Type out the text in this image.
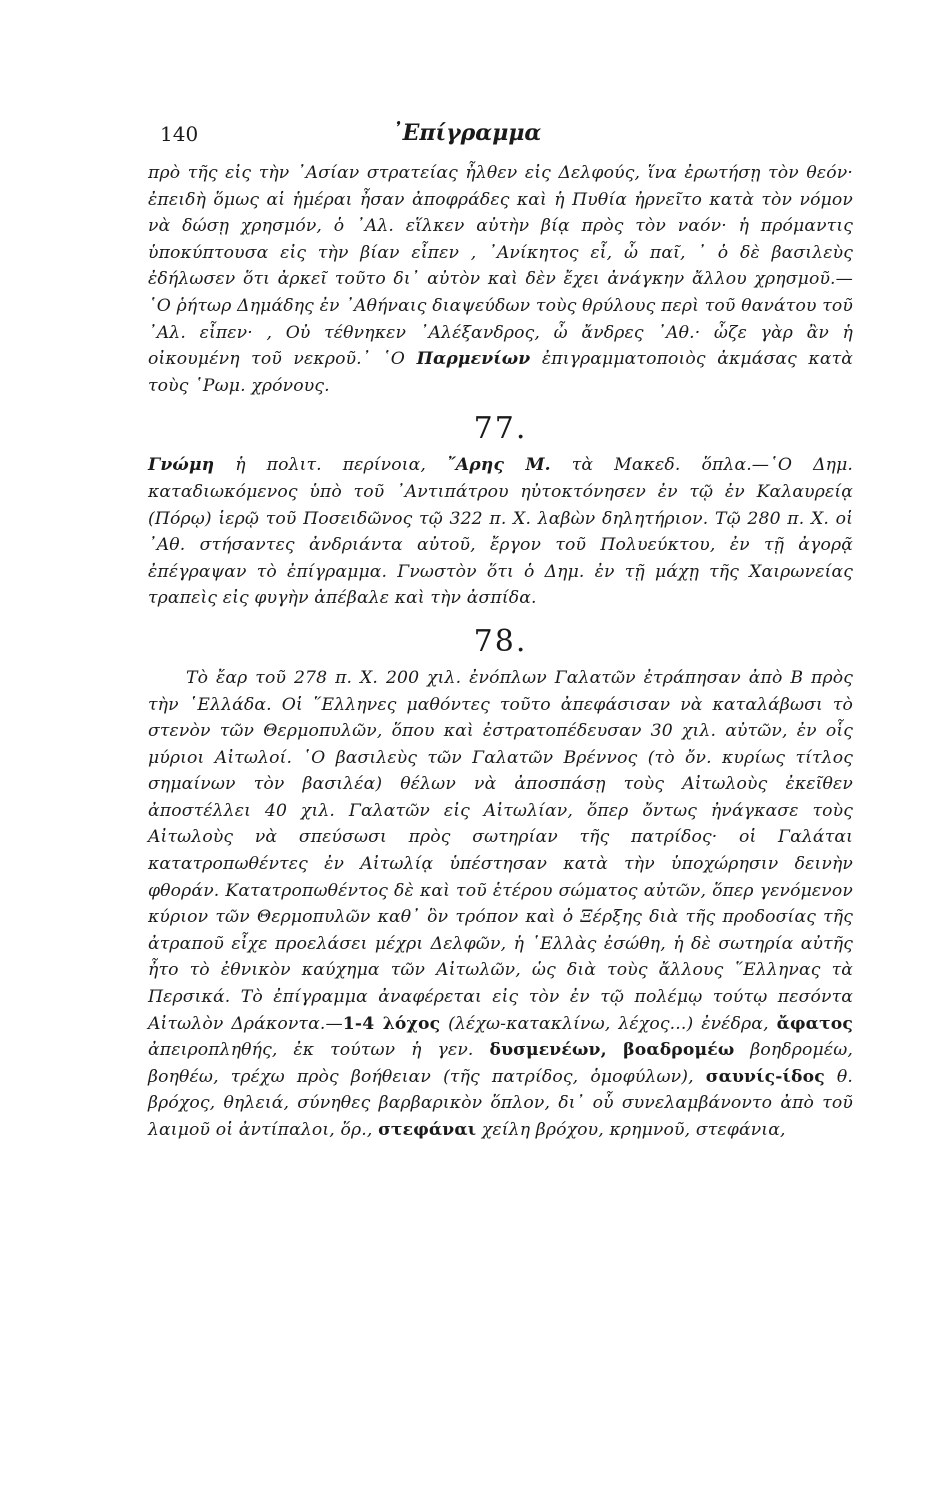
140	᾿Επίγραμμα

πρὸ τῆς εἰς τὴν ᾿Ασίαν στρατείας ἦλθεν εἰς Δελφούς, ἵνα ἐρωτήσῃ τὸν θεόν· ἐπειδὴ ὅμως αἱ ἡμέραι ἦσαν ἀποφράδες καὶ ἡ Πυθία ἠρνεῖτο κατὰ τὸν νόμον νὰ δώσῃ χρησμόν, ὁ ᾿Αλ. εἵλκεν αὐτὴν βίᾳ πρὸς τὸν ναόν· ἡ πρόμαντις ὑποκύπτουσα εἰς τὴν βίαν εἶπεν , ᾿Ανίκητος εἶ, ὦ παῖ, ᾿ ὁ δὲ βασιλεὺς ἐδήλωσεν ὅτι ἀρκεῖ τοῦτο δι᾿ αὐτὸν καὶ δὲν ἔχει ἀνάγκην ἄλλου χρησμοῦ.—῾Ο ῥήτωρ Δημάδης ἐν ᾿Αθήναις διαψεύδων τοὺς θρύλους περὶ τοῦ θανάτου τοῦ ᾿Αλ. εἶπεν· , Οὐ τέθνηκεν ᾿Αλέξανδρος, ὦ ἄνδρες ᾿Αθ.· ὦζε γὰρ ἂν ἡ οἰκουμένη τοῦ νεκροῦ.᾿ ῾Ο Παρμενίων ἐπιγραμματοποιὸς ἀκμάσας κατὰ τοὺς ῾Ρωμ. χρόνους.

77.

Γνώμη ἡ πολιτ. περίνοια, ῎Αρης Μ. τὰ Μακεδ. ὅπλα.—῾Ο Δημ. καταδιωκόμενος ὑπὸ τοῦ ᾿Αντιπάτρου ηὐτοκτόνησεν ἐν τῷ ἐν Καλαυρείᾳ (Πόρῳ) ἱερῷ τοῦ Ποσειδῶνος τῷ 322 π. Χ. λαβὼν δηλητήριον. Τῷ 280 π. Χ. οἱ ᾿Αθ. στήσαντες ἀνδριάντα αὐτοῦ, ἔργον τοῦ Πολυεύκτου, ἐν τῇ ἀγορᾷ ἐπέγραψαν τὸ ἐπίγραμμα. Γνωστὸν ὅτι ὁ Δημ. ἐν τῇ μάχῃ τῆς Χαιρωνείας τραπεὶς εἰς φυγὴν ἀπέβαλε καὶ τὴν ἀσπίδα.

78.

Τὸ ἔαρ τοῦ 278 π. Χ. 200 χιλ. ἐνόπλων Γαλατῶν ἐτράπησαν ἀπὸ Β πρὸς τὴν ῾Ελλάδα. Οἱ ῞Ελληνες μαθόντες τοῦτο ἀπεφάσισαν νὰ καταλάβωσι τὸ στενὸν τῶν Θερμοπυλῶν, ὅπου καὶ ἐστρατοπέδευσαν 30 χιλ. αὐτῶν, ἐν οἷς μύριοι Αἰτωλοί. ῾Ο βασιλεὺς τῶν Γαλατῶν Βρέννος (τὸ ὄν. κυρίως τίτλος σημαίνων τὸν βασιλέα) θέλων νὰ ἀποσπάσῃ τοὺς Αἰτωλοὺς ἐκεῖθεν ἀποστέλλει 40 χιλ. Γαλατῶν εἰς Αἰτωλίαν, ὅπερ ὄντως ἠνάγκασε τοὺς Αἰτωλοὺς νὰ σπεύσωσι πρὸς σωτηρίαν τῆς πατρίδος· οἱ Γαλάται κατατροπωθέντες ἐν Αἰτωλίᾳ ὑπέστησαν κατὰ τὴν ὑποχώρησιν δεινὴν φθοράν. Κατατροπωθέντος δὲ καὶ τοῦ ἑτέρου σώματος αὐτῶν, ὅπερ γενόμενον κύριον τῶν Θερμοπυλῶν καθ᾿ ὃν τρόπον καὶ ὁ Ξέρξης διὰ τῆς προδοσίας τῆς ἀτραποῦ εἶχε προελάσει μέχρι Δελφῶν, ἡ ῾Ελλὰς ἐσώθη, ἡ δὲ σωτηρία αὐτῆς ἦτο τὸ ἐθνικὸν καύχημα τῶν Αἰτωλῶν, ὡς διὰ τοὺς ἄλλους ῞Ελληνας τὰ Περσικά. Τὸ ἐπίγραμμα ἀναφέρεται εἰς τὸν ἐν τῷ πολέμῳ τούτῳ πεσόντα Αἰτωλὸν Δράκοντα.—1-4 λόχος (λέχω-κατακλίνω, λέχος...) ἐνέδρα, ἄφατος ἀπειροπληθής, ἐκ τούτων ἡ γεν. δυσμενέων, βοαδρομέω βοηδρομέω, βοηθέω, τρέχω πρὸς βοήθειαν (τῆς πατρίδος, ὁμοφύλων), σαυνίς-ίδος θ. βρόχος, θηλειά, σύνηθες βαρβαρικὸν ὅπλον, δι᾿ οὗ συνελαμβάνοντο ἀπὸ τοῦ λαιμοῦ οἱ ἀντίπαλοι, ὅρ., στεφάναι χείλη βρόχου, κρημνοῦ, στεφάνια,
